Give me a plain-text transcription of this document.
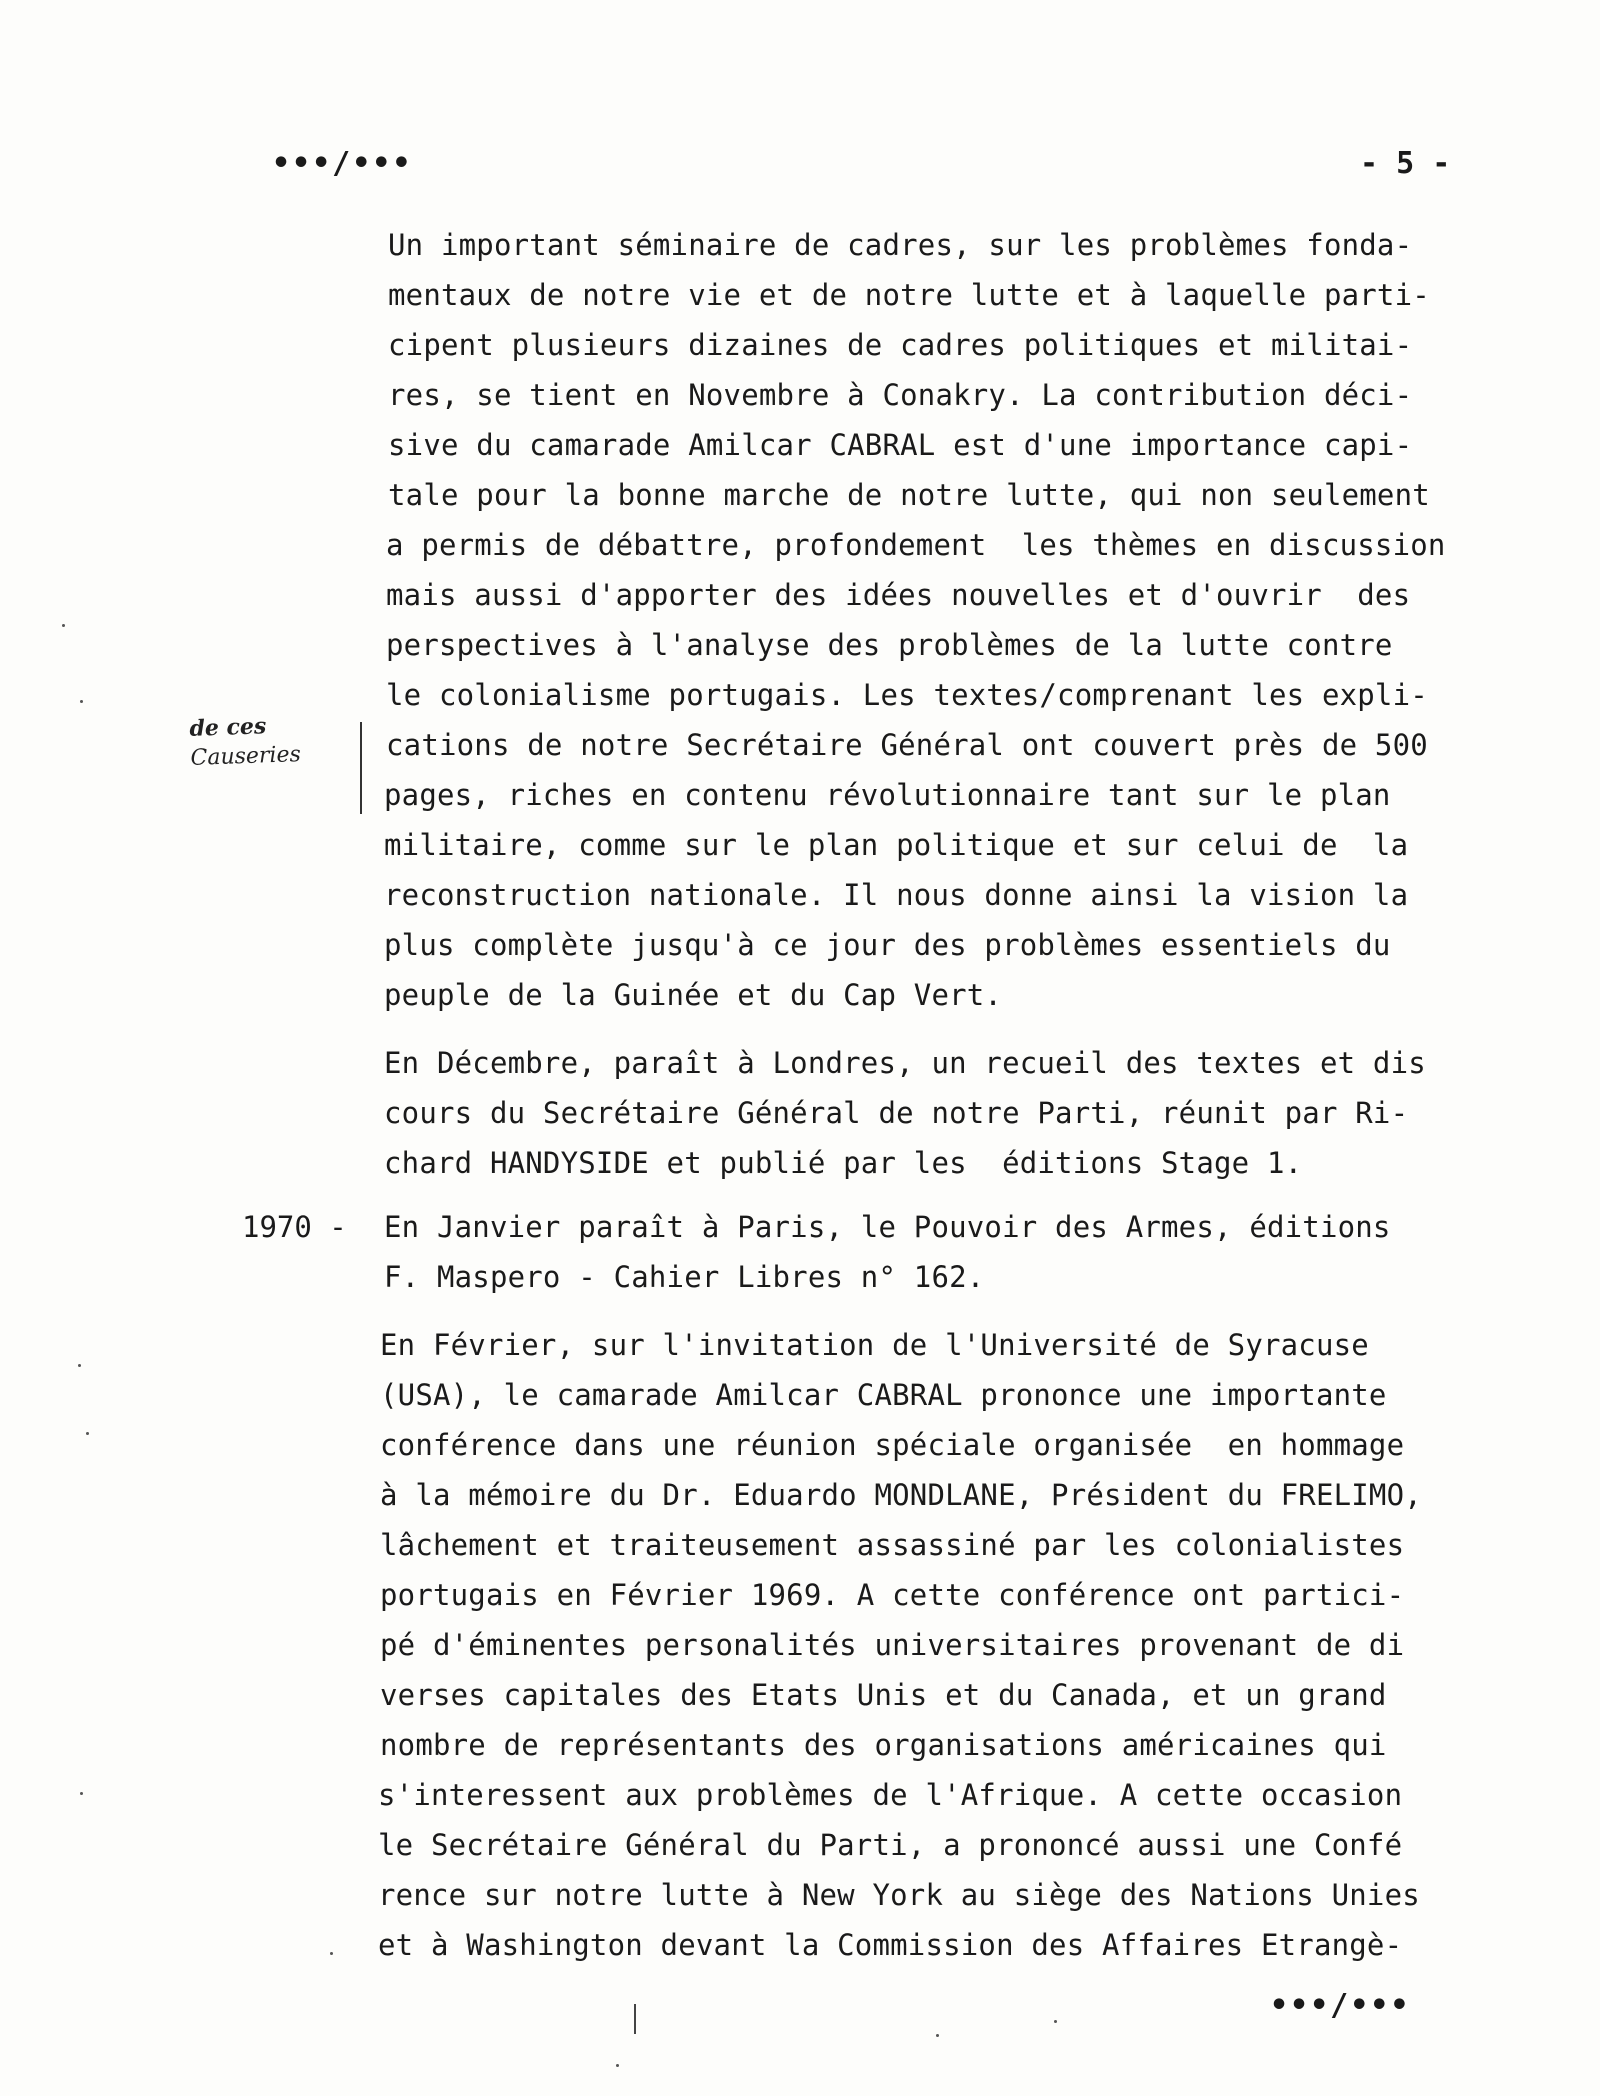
•••/•••	- 5 -
de ces
Causeries
Un important séminaire de cadres, sur les problèmes fonda-
mentaux de notre vie et de notre lutte et à laquelle parti-
cipent plusieurs dizaines de cadres politiques et militai-
res, se tient en Novembre à Conakry. La contribution déci-
sive du camarade Amilcar CABRAL est d'une importance capi-
tale pour la bonne marche de notre lutte, qui non seulement
a permis de débattre, profondement  les thèmes en discussion
mais aussi d'apporter des idées nouvelles et d'ouvrir  des
perspectives à l'analyse des problèmes de la lutte contre
le colonialisme portugais. Les textes/comprenant les expli-
cations de notre Secrétaire Général ont couvert près de 500
pages, riches en contenu révolutionnaire tant sur le plan
militaire, comme sur le plan politique et sur celui de  la
reconstruction nationale. Il nous donne ainsi la vision la
plus complète jusqu'à ce jour des problèmes essentiels du
peuple de la Guinée et du Cap Vert.
En Décembre, paraît à Londres, un recueil des textes et dis
cours du Secrétaire Général de notre Parti, réunit par Ri-
chard HANDYSIDE et publié par les  éditions Stage 1.
1970 - En Janvier paraît à Paris, le Pouvoir des Armes, éditions
F. Maspero - Cahier Libres n° 162.
En Février, sur l'invitation de l'Université de Syracuse
(USA), le camarade Amilcar CABRAL prononce une importante
conférence dans une réunion spéciale organisée  en hommage
à la mémoire du Dr. Eduardo MONDLANE, Président du FRELIMO,
lâchement et traiteusement assassiné par les colonialistes
portugais en Février 1969. A cette conférence ont partici-
pé d'éminentes personalités universitaires provenant de di
verses capitales des Etats Unis et du Canada, et un grand
nombre de représentants des organisations américaines qui
s'interessent aux problèmes de l'Afrique. A cette occasion
le Secrétaire Général du Parti, a prononcé aussi une Confé
rence sur notre lutte à New York au siège des Nations Unies
et à Washington devant la Commission des Affaires Etrangè-
•••/•••
